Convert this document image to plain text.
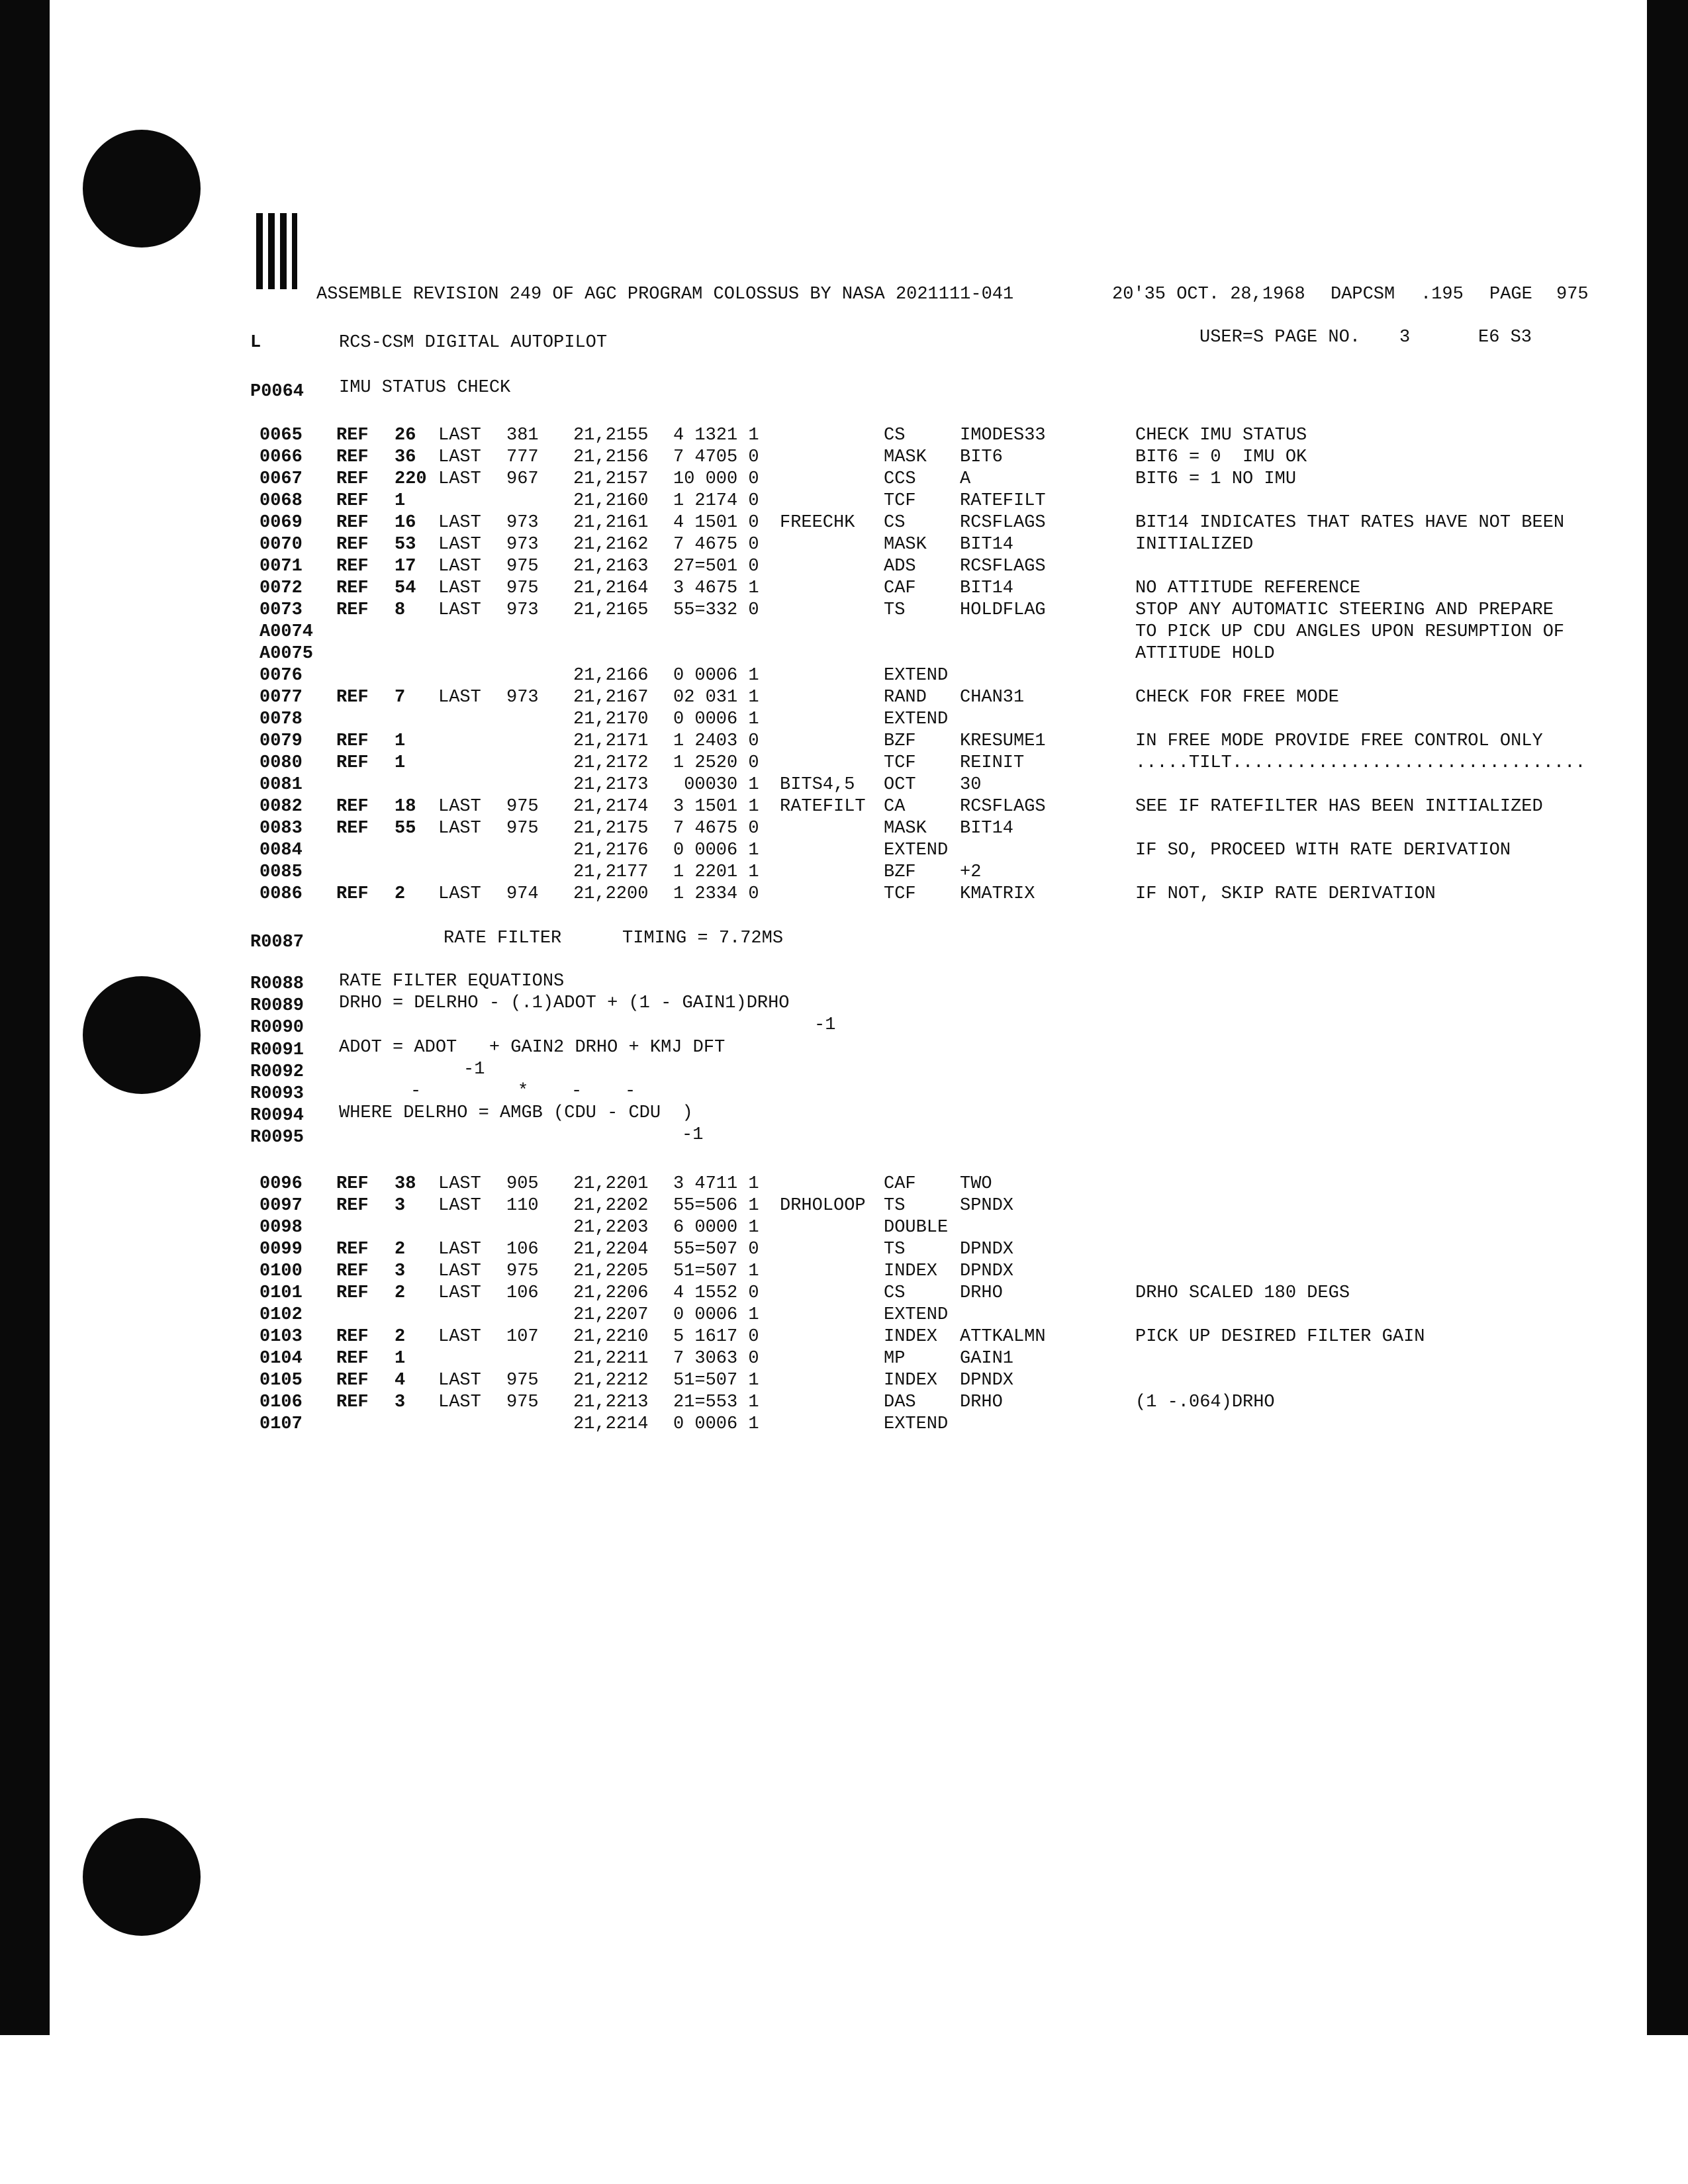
ASSEMBLE REVISION 249 OF AGC PROGRAM COLOSSUS BY NASA 2021111-041	20'35 OCT. 28,1968 DAPCSM .195 PAGE 975
L	RCS-CSM DIGITAL AUTOPILOT	USER=S PAGE NO. 3	E6 S3
P0064 IMU STATUS CHECK
0065 REF 26 LAST 381 21,2155 4 1321 1	CS	IMODES33	CHECK IMU STATUS
0066 REF 36 LAST 777 21,2156 7 4705 0	MASK BIT6	BIT6 = 0  IMU OK
0067 REF 220 LAST 967 21,2157 10 000 0	CCS A	BIT6 = 1 NO IMU
0068 REF 1	21,2160 1 2174 0	TCF RATEFILT
0069 REF 16 LAST 973 21,2161 4 1501 0 FREECHK CS	RCSFLAGS	BIT14 INDICATES THAT RATES HAVE NOT BEEN
0070 REF 53 LAST 973 21,2162 7 4675 0	MASK BIT14	INITIALIZED
0071 REF 17 LAST 975 21,2163 27=501 0	ADS RCSFLAGS
0072 REF 54 LAST 975 21,2164 3 4675 1	CAF BIT14	NO ATTITUDE REFERENCE
0073 REF 8 LAST 973 21,2165 55=332 0	TS	HOLDFLAG	STOP ANY AUTOMATIC STEERING AND PREPARE
A0074	TO PICK UP CDU ANGLES UPON RESUMPTION OF
A0075	ATTITUDE HOLD
0076	21,2166 0 0006 1	EXTEND
0077 REF 7 LAST 973 21,2167 02 031 1	RAND CHAN31	CHECK FOR FREE MODE
0078	21,2170 0 0006 1	EXTEND
0079 REF 1	21,2171 1 2403 0	BZF KRESUME1	IN FREE MODE PROVIDE FREE CONTROL ONLY
0080 REF 1	21,2172 1 2520 0	TCF REINIT	.....TILT.................................
0081	21,2173 00030 1 BITS4,5 OCT 30
0082 REF 18 LAST 975 21,2174 3 1501 1 RATEFILT CA	RCSFLAGS	SEE IF RATEFILTER HAS BEEN INITIALIZED
0083 REF 55 LAST 975 21,2175 7 4675 0	MASK BIT14
0084	21,2176 0 0006 1	EXTEND	IF SO, PROCEED WITH RATE DERIVATION
0085	21,2177 1 2201 1	BZF +2
0086 REF 2 LAST 974 21,2200 1 2334 0	TCF KMATRIX	IF NOT, SKIP RATE DERIVATION
R0088 RATE FILTER EQUATIONS
R0089 DRHO = DELRHO - (.1)ADOT + (1 - GAIN1)DRHO
R0090	-1
R0091 ADOT = ADOT   + GAIN2 DRHO + KMJ DFT
R0092	-1
R0093	-         *    -    -
R0094 WHERE DELRHO = AMGB (CDU - CDU  )
R0095	-1
0096 REF 38 LAST 905 21,2201 3 4711 1	CAF TWO
0097 REF 3 LAST 110 21,2202 55=506 1 DRHOLOOP TS	SPNDX
0098	21,2203 6 0000 1	DOUBLE
0099 REF 2 LAST 106 21,2204 55=507 0	TS	DPNDX
0100 REF 3 LAST 975 21,2205 51=507 1	INDEX DPNDX
0101 REF 2 LAST 106 21,2206 4 1552 0	CS	DRHO	DRHO SCALED 180 DEGS
0102	21,2207 0 0006 1	EXTEND
0103 REF 2 LAST 107 21,2210 5 1617 0	INDEX ATTKALMN	PICK UP DESIRED FILTER GAIN
0104 REF 1	21,2211 7 3063 0	MP	GAIN1
0105 REF 4 LAST 975 21,2212 51=507 1	INDEX DPNDX
0106 REF 3 LAST 975 21,2213 21=553 1	DAS DRHO	(1 -.064)DRHO
0107	21,2214 0 0006 1	EXTEND
R0087	RATE FILTER	TIMING = 7.72MS
